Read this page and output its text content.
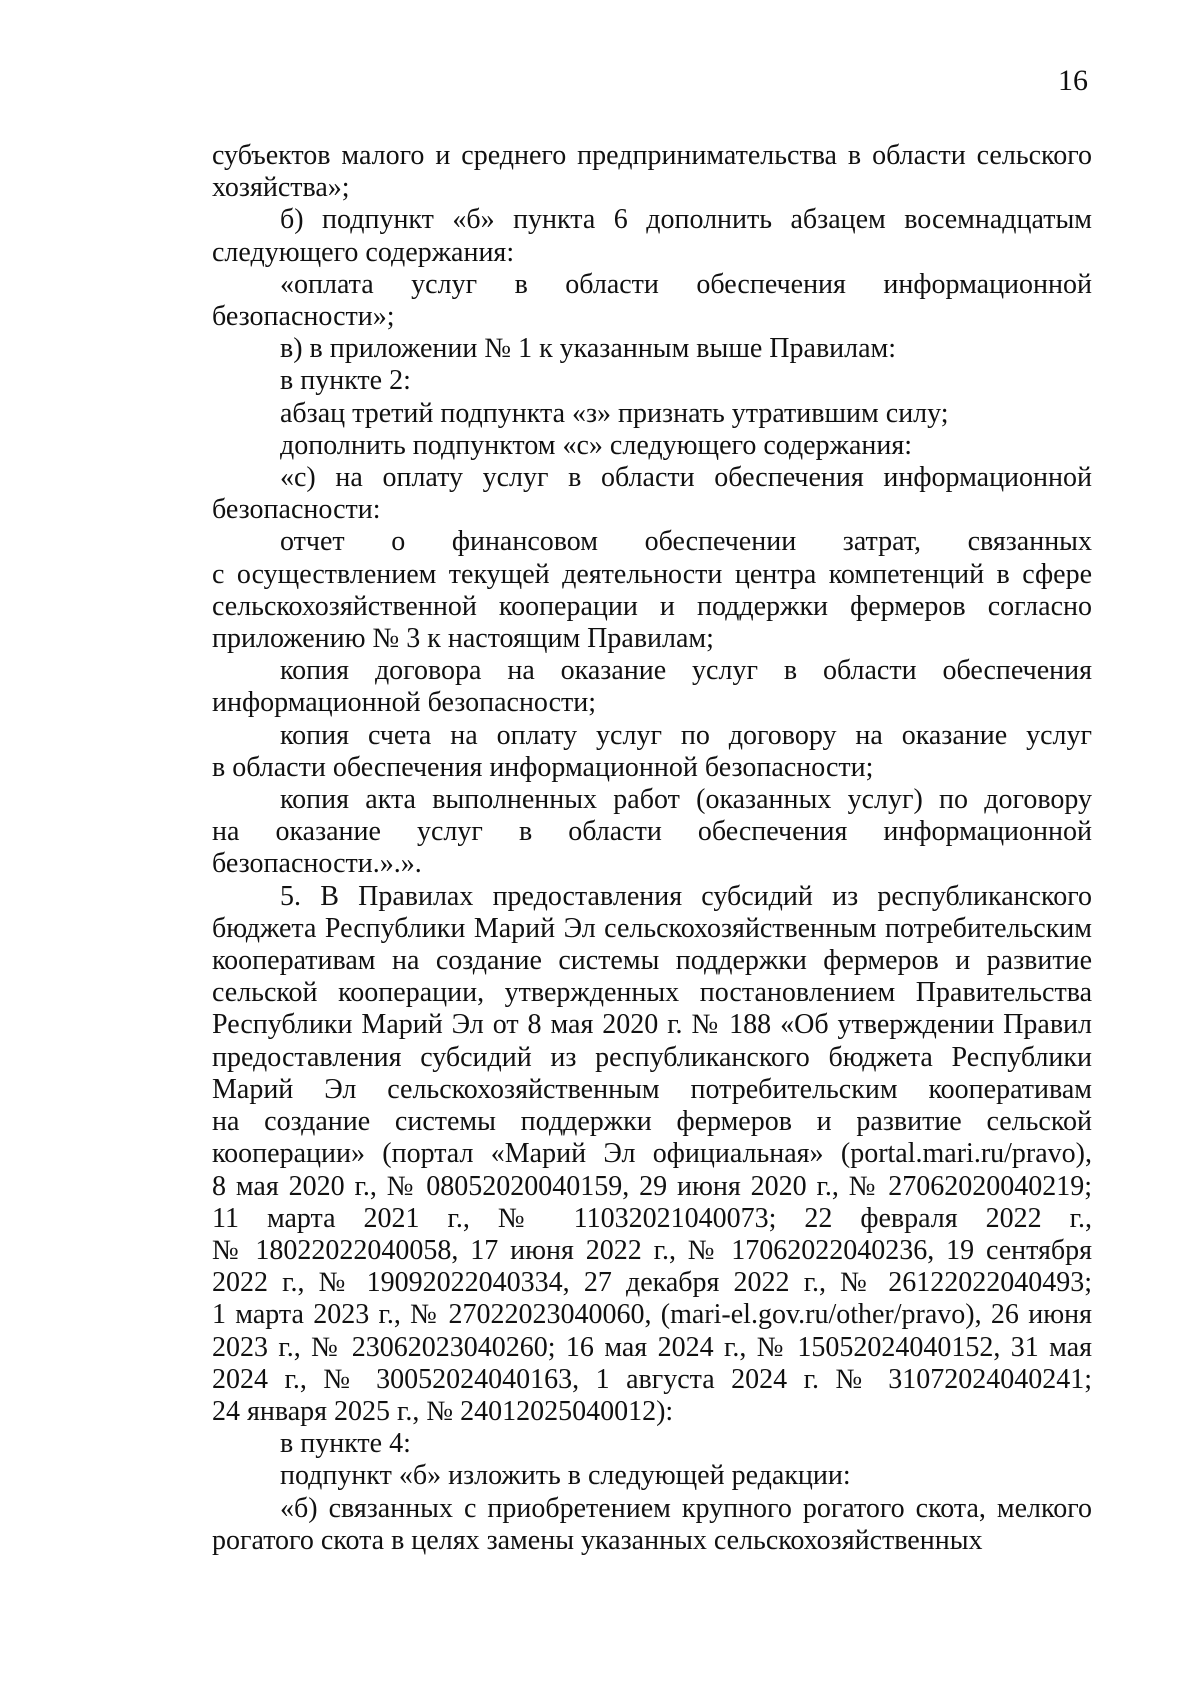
16

субъектов малого и среднего предпринимательства в области сельского
хозяйства»;

б) подпункт «б» пункта 6 дополнить абзацем восемнадцатым
следующего содержания:

«оплата услуг в области обеспечения информационной
безопасности»;

в) в приложении № 1 к указанным выше Правилам:

в пункте 2:

абзац третий подпункта «з» признать утратившим силу;

дополнить подпунктом «с» следующего содержания:

«с) на оплату услуг в области обеспечения информационной
безопасности:

отчет о финансовом обеспечении затрат, связанных
с осуществлением текущей деятельности центра компетенций в сфере
сельскохозяйственной кооперации и поддержки фермеров согласно
приложению № 3 к настоящим Правилам;

копия договора на оказание услуг в области обеспечения
информационной безопасности;

копия счета на оплату услуг по договору на оказание услуг
в области обеспечения информационной безопасности;

копия акта выполненных работ (оказанных услуг) по договору
на оказание услуг в области обеспечения информационной
безопасности.».».

5. В Правилах предоставления субсидий из республиканского
бюджета Республики Марий Эл сельскохозяйственным потребительским
кооперативам на создание системы поддержки фермеров и развитие
сельской кооперации, утвержденных постановлением Правительства
Республики Марий Эл от 8 мая 2020 г. № 188 «Об утверждении Правил
предоставления субсидий из республиканского бюджета Республики
Марий Эл сельскохозяйственным потребительским кооперативам
на создание системы поддержки фермеров и развитие сельской
кооперации» (портал «Марий Эл официальная» (portal.mari.ru/pravo),
8 мая 2020 г., № 08052020040159, 29 июня 2020 г., № 27062020040219;
11 марта 2021 г., № 11032021040073; 22 февраля 2022 г.,
№ 18022022040058, 17 июня 2022 г., № 17062022040236, 19 сентября
2022 г., № 19092022040334, 27 декабря 2022 г., № 26122022040493;
1 марта 2023 г., № 27022023040060, (mari-el.gov.ru/other/pravo), 26 июня
2023 г., № 23062023040260; 16 мая 2024 г., № 15052024040152, 31 мая
2024 г., № 30052024040163, 1 августа 2024 г. № 31072024040241;
24 января 2025 г., № 24012025040012):

в пункте 4:

подпункт «б» изложить в следующей редакции:

«б) связанных с приобретением крупного рогатого скота, мелкого
рогатого скота в целях замены указанных сельскохозяйственных
